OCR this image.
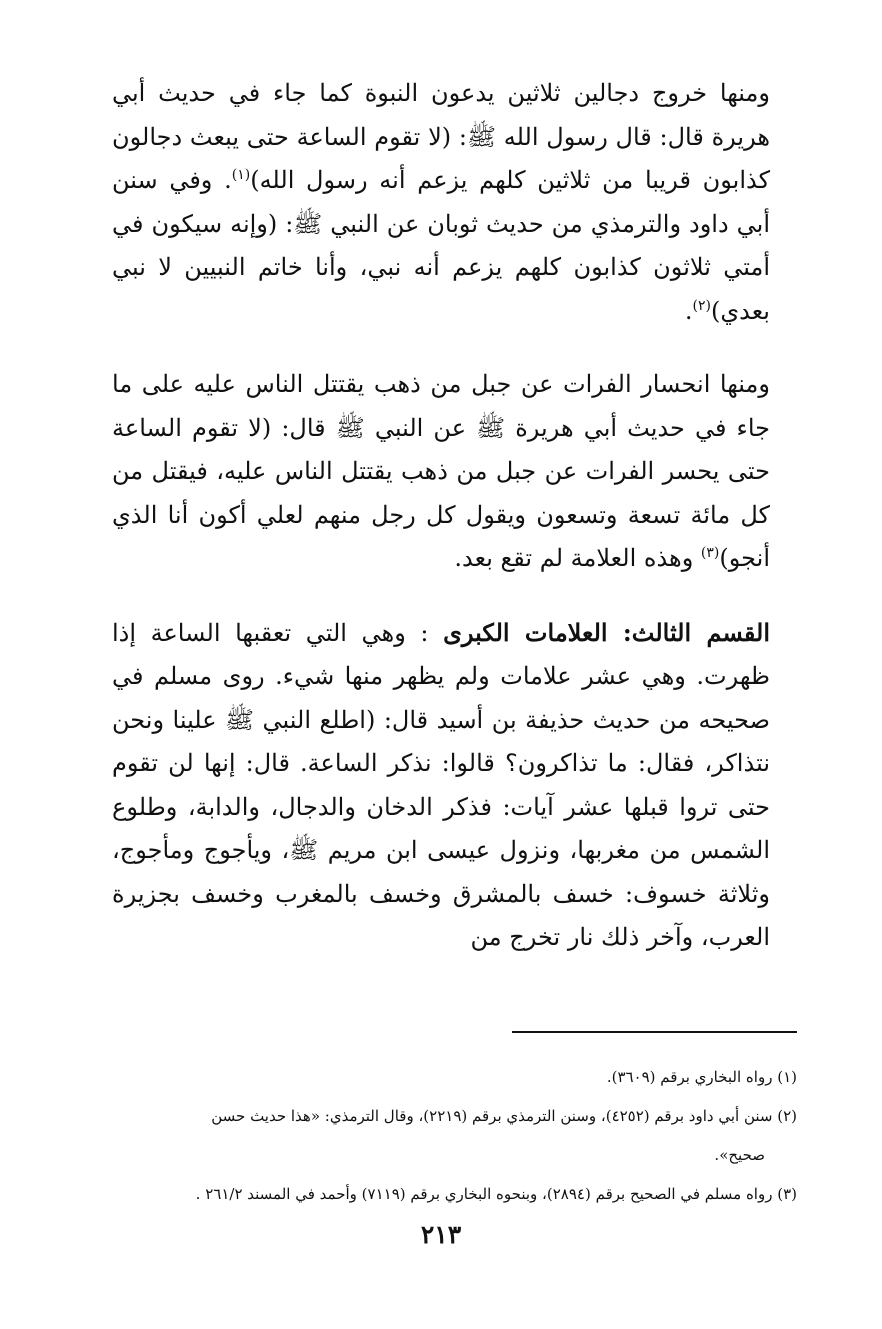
ومنها خروج دجالين ثلاثين يدعون النبوة كما جاء في حديث أبي هريرة قال: قال رسول الله ﷺ: (لا تقوم الساعة حتى يبعث دجالون كذابون قريبا من ثلاثين كلهم يزعم أنه رسول الله)$^{(١)}$. وفي سنن أبي داود والترمذي من حديث ثوبان عن النبي ﷺ: (وإنه سيكون في أمتي ثلاثون كذابون كلهم يزعم أنه نبي، وأنا خاتم النبيين لا نبي بعدي)$^{(٢)}$.

ومنها انحسار الفرات عن جبل من ذهب يقتتل الناس عليه على ما جاء في حديث أبي هريرة ﷺ عن النبي ﷺ قال: (لا تقوم الساعة حتى يحسر الفرات عن جبل من ذهب يقتتل الناس عليه، فيقتل من كل مائة تسعة وتسعون ويقول كل رجل منهم لعلي أكون أنا الذي أنجو)$^{(٣)}$ وهذه العلامة لم تقع بعد.

القسم الثالث: العلامات الكبرى : وهي التي تعقبها الساعة إذا ظهرت. وهي عشر علامات ولم يظهر منها شيء. روى مسلم في صحيحه من حديث حذيفة بن أسيد قال: (اطلع النبي ﷺ علينا ونحن نتذاكر، فقال: ما تذاكرون؟ قالوا: نذكر الساعة. قال: إنها لن تقوم حتى تروا قبلها عشر آيات: فذكر الدخان والدجال، والدابة، وطلوع الشمس من مغربها، ونزول عيسى ابن مريم ﷺ، ويأجوج ومأجوج، وثلاثة خسوف: خسف بالمشرق وخسف بالمغرب وخسف بجزيرة العرب، وآخر ذلك نار تخرج من

(١) رواه البخاري برقم (٣٦٠٩).

(٢) سنن أبي داود برقم (٤٢٥٢)، وسنن الترمذي برقم (٢٢١٩)، وقال الترمذي: «هذا حديث حسن
صحيح».

(٣) رواه مسلم في الصحيح برقم (٢٨٩٤)، وبنحوه البخاري برقم (٧١١٩) وأحمد في المسند ٢٦١/٢ .

٢١٣
